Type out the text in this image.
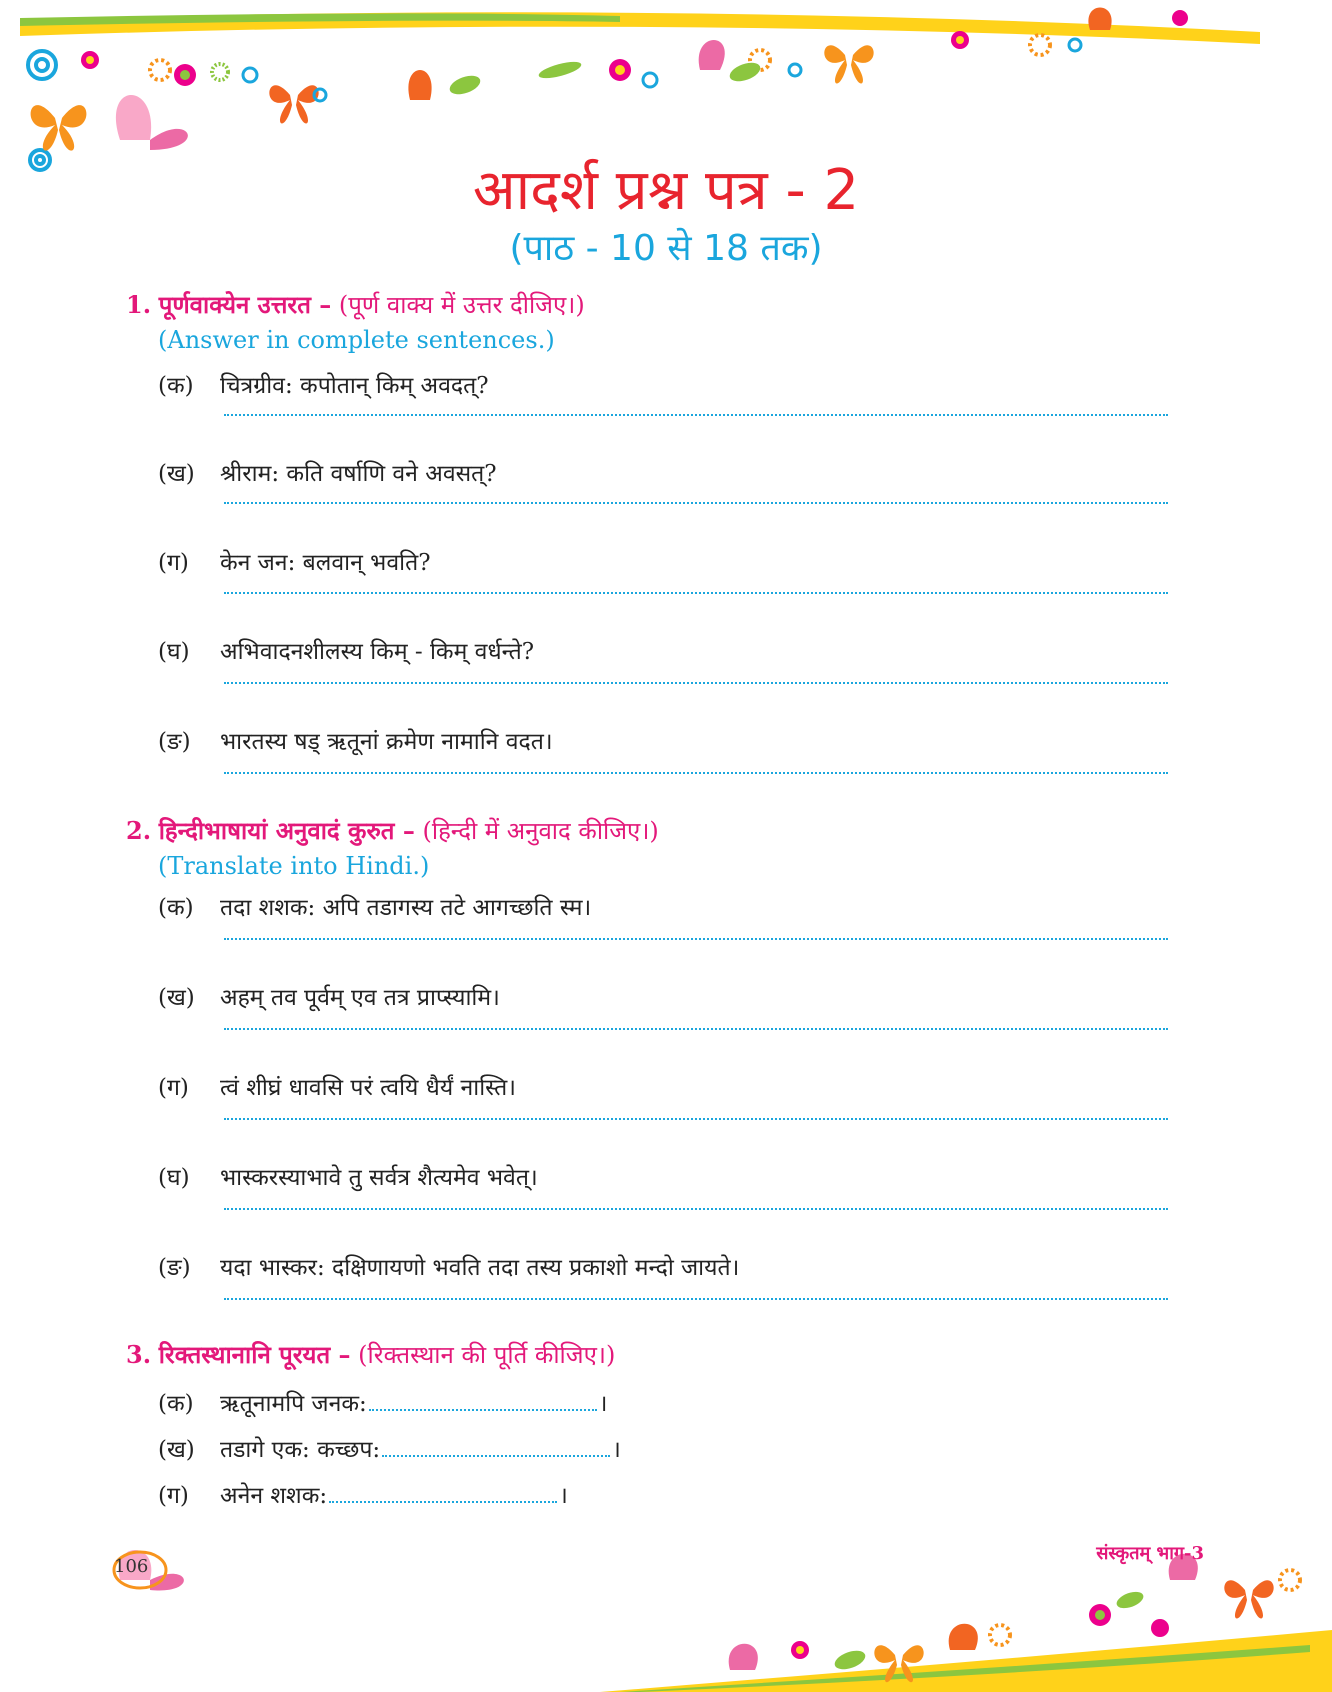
आदर्श प्रश्न पत्र - 2
(पाठ - 10 से 18 तक)
1. पूर्णवाक्येन उत्तरत – (पूर्ण वाक्य में उत्तर दीजिए।)
(Answer in complete sentences.)
(क) चित्रग्रीव: कपोतान् किम् अवदत्?
(ख) श्रीराम: कति वर्षाणि वने अवसत्?
(ग) केन जन: बलवान् भवति?
(घ) अभिवादनशीलस्य किम् - किम् वर्धन्ते?
(ङ) भारतस्य षड् ऋतूनां क्रमेण नामानि वदत।
2. हिन्दीभाषायां अनुवादं कुरुत – (हिन्दी में अनुवाद कीजिए।)
(Translate into Hindi.)
(क) तदा शशक: अपि तडागस्य तटे आगच्छति स्म।
(ख) अहम् तव पूर्वम् एव तत्र प्राप्स्यामि।
(ग) त्वं शीघ्रं धावसि परं त्वयि धैर्यं नास्ति।
(घ) भास्करस्याभावे तु सर्वत्र शैत्यमेव भवेत्।
(ङ) यदा भास्कर: दक्षिणायणो भवति तदा तस्य प्रकाशो मन्दो जायते।
3. रिक्तस्थानानि पूरयत – (रिक्तस्थान की पूर्ति कीजिए।)
(क) ऋतूनामपि जनक:	।
(ख) तडागे एक: कच्छप:	।
(ग) अनेन शशक:	।
106
संस्कृतम् भाग-3
